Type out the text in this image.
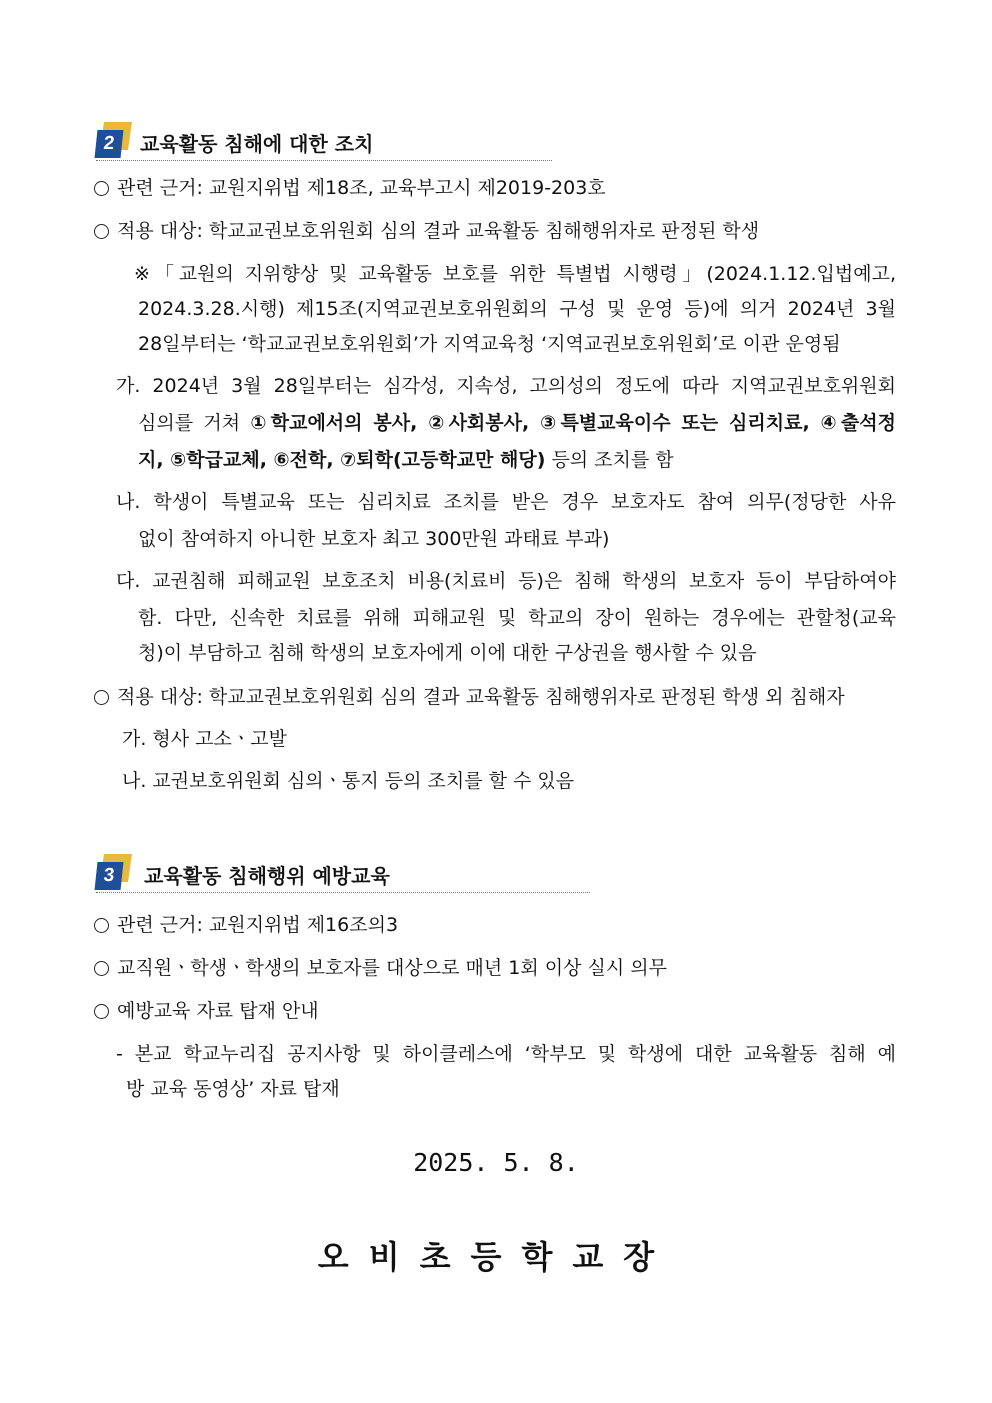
2	교육활동 침해에 대한 조치
관련 근거: 교원지위법 제18조, 교육부고시 제2019-203호
적용 대상: 학교교권보호위원회 심의 결과 교육활동 침해행위자로 판정된 학생
※「교원의 지위향상 및 교육활동 보호를 위한 특별법 시행령」(2024.1.12.입법예고,
2024.3.28.시행) 제15조(지역교권보호위원회의 구성 및 운영 등)에 의거 2024년 3월
28일부터는 ‘학교교권보호위원회’가 지역교육청 ‘지역교권보호위원회’로 이관 운영됨
가. 2024년 3월 28일부터는 심각성, 지속성, 고의성의 정도에 따라 지역교권보호위원회
심의를 거쳐 ①학교에서의 봉사, ②사회봉사, ③특별교육이수 또는 심리치료, ④출석정
지, ⑤학급교체, ⑥전학, ⑦퇴학(고등학교만 해당) 등의 조치를 함
나. 학생이 특별교육 또는 심리치료 조치를 받은 경우 보호자도 참여 의무(정당한 사유
없이 참여하지 아니한 보호자 최고 300만원 과태료 부과)
다. 교권침해 피해교원 보호조치 비용(치료비 등)은 침해 학생의 보호자 등이 부담하여야
함. 다만, 신속한 치료를 위해 피해교원 및 학교의 장이 원하는 경우에는 관할청(교육
청)이 부담하고 침해 학생의 보호자에게 이에 대한 구상권을 행사할 수 있음
적용 대상: 학교교권보호위원회 심의 결과 교육활동 침해행위자로 판정된 학생 외 침해자
가. 형사 고소ㆍ고발
나. 교권보호위원회 심의ㆍ통지 등의 조치를 할 수 있음
3	교육활동 침해행위 예방교육
관련 근거: 교원지위법 제16조의3
교직원ㆍ학생ㆍ학생의 보호자를 대상으로 매년 1회 이상 실시 의무
예방교육 자료 탑재 안내
- 본교 학교누리집 공지사항 및 하이클레스에 ‘학부모 및 학생에 대한 교육활동 침해 예
방 교육 동영상’ 자료 탑재
2025. 5. 8.
오비초등학교장
